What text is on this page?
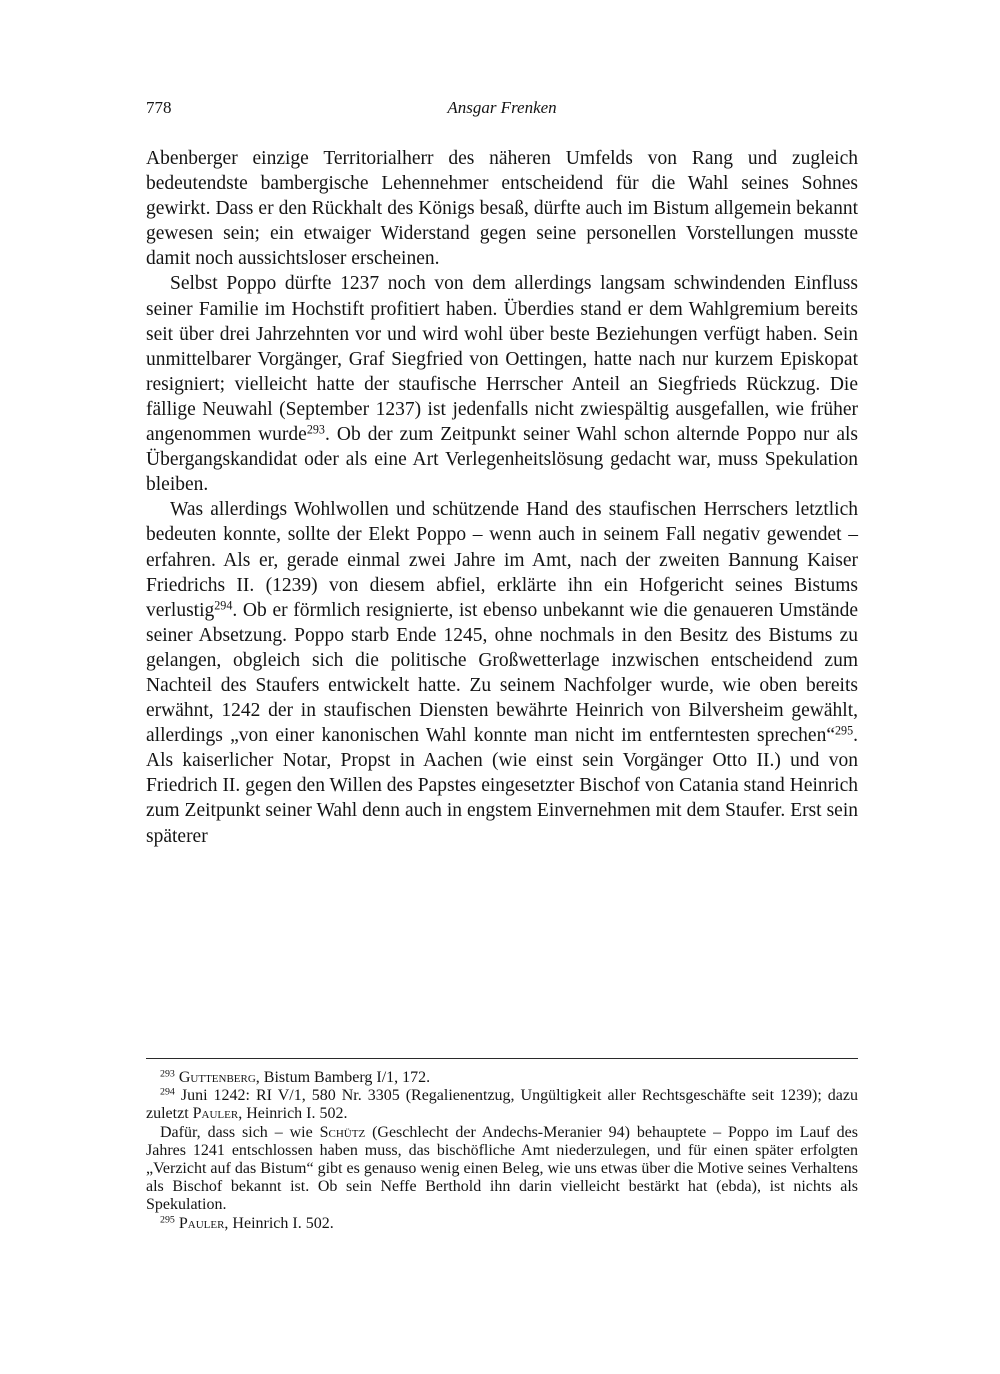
778	Ansgar Frenken

Abenberger einzige Territorialherr des näheren Umfelds von Rang und zugleich bedeutendste bambergische Lehennehmer entscheidend für die Wahl seines Sohnes gewirkt. Dass er den Rückhalt des Königs besaß, dürfte auch im Bistum allgemein bekannt gewesen sein; ein etwaiger Widerstand gegen seine personellen Vorstellungen musste damit noch aussichtsloser erscheinen.

Selbst Poppo dürfte 1237 noch von dem allerdings langsam schwindenden Einfluss seiner Familie im Hochstift profitiert haben. Überdies stand er dem Wahlgremium bereits seit über drei Jahrzehnten vor und wird wohl über beste Beziehungen verfügt haben. Sein unmittelbarer Vorgänger, Graf Siegfried von Oettingen, hatte nach nur kurzem Episkopat resigniert; vielleicht hatte der staufische Herrscher Anteil an Siegfrieds Rückzug. Die fällige Neuwahl (September 1237) ist jedenfalls nicht zwiespältig ausgefallen, wie früher angenommen wurde$^{293}$. Ob der zum Zeitpunkt seiner Wahl schon alternde Poppo nur als Übergangskandidat oder als eine Art Verlegenheitslösung gedacht war, muss Spekulation bleiben.

Was allerdings Wohlwollen und schützende Hand des staufischen Herrschers letztlich bedeuten konnte, sollte der Elekt Poppo – wenn auch in seinem Fall negativ gewendet – erfahren. Als er, gerade einmal zwei Jahre im Amt, nach der zweiten Bannung Kaiser Friedrichs II. (1239) von diesem abfiel, erklärte ihn ein Hofgericht seines Bistums verlustig$^{294}$. Ob er förmlich resignierte, ist ebenso unbekannt wie die genaueren Umstände seiner Absetzung. Poppo starb Ende 1245, ohne nochmals in den Besitz des Bistums zu gelangen, obgleich sich die politische Großwetterlage inzwischen entscheidend zum Nachteil des Staufers entwickelt hatte. Zu seinem Nachfolger wurde, wie oben bereits erwähnt, 1242 der in staufischen Diensten bewährte Heinrich von Bilversheim gewählt, allerdings „von einer kanonischen Wahl konnte man nicht im entferntesten sprechen“$^{295}$. Als kaiserlicher Notar, Propst in Aachen (wie einst sein Vorgänger Otto II.) und von Friedrich II. gegen den Willen des Papstes eingesetzter Bischof von Catania stand Heinrich zum Zeitpunkt seiner Wahl denn auch in engstem Einvernehmen mit dem Staufer. Erst sein späterer

$^{293}$ Guttenberg, Bistum Bamberg I/1, 172.

$^{294}$ Juni 1242: RI V/1, 580 Nr. 3305 (Regalienentzug, Ungültigkeit aller Rechtsgeschäfte seit 1239); dazu zuletzt Pauler, Heinrich I. 502.

Dafür, dass sich – wie Schütz (Geschlecht der Andechs-Meranier 94) behauptete – Poppo im Lauf des Jahres 1241 entschlossen haben muss, das bischöfliche Amt niederzulegen, und für einen später erfolgten „Verzicht auf das Bistum“ gibt es genauso wenig einen Beleg, wie uns etwas über die Motive seines Verhaltens als Bischof bekannt ist. Ob sein Neffe Berthold ihn darin vielleicht bestärkt hat (ebda), ist nichts als Spekulation.

$^{295}$ Pauler, Heinrich I. 502.
